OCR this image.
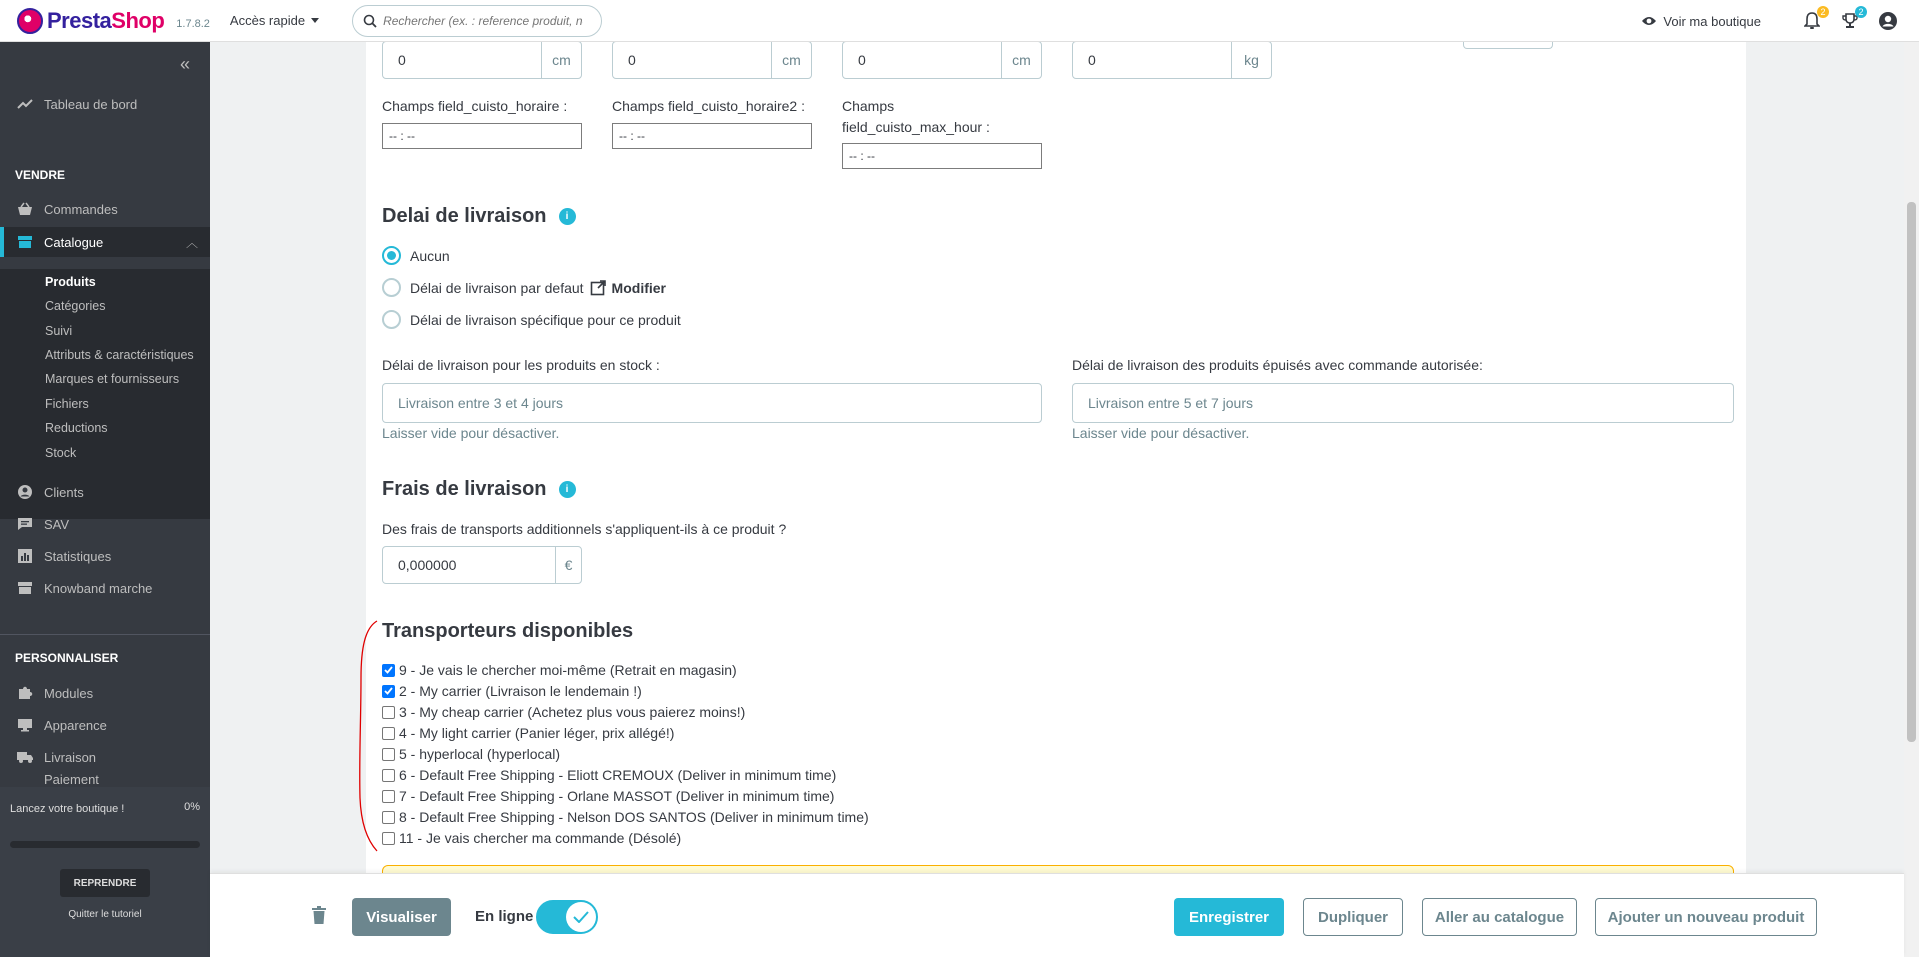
PrestaShop 1.7.8.2 Accès rapide
Rechercher (ex. : reference produit, no	Voir ma boutique
2	2
«
Tableau de bord
VENDRE
Commandes
Catalogue	︿
Produits
Catégories
Suivi
Attributs & caractéristiques
Marques et fournisseurs
Fichiers
Reductions
Stock
Clients
SAV
Statistiques
Knowband marche
PERSONNALISER
Modules
Apparence
Livraison
Paiement
Lancez votre boutique !	0%
REPRENDRE
Quitter le tutoriel
0	cm	0	cm	0	cm	0	kg
Champs field_cuisto_horaire :
-- : --
Champs field_cuisto_horaire2 :
-- : --
Champs
field_cuisto_max_hour :
-- : --
Delai de livraison	i
Aucun
Délai de livraison par defaut Modifier
Délai de livraison spécifique pour ce produit
Délai de livraison pour les produits en stock :
Livraison entre 3 et 4 jours
Laisser vide pour désactiver.
Délai de livraison des produits épuisés avec commande autorisée:
Livraison entre 5 et 7 jours
Laisser vide pour désactiver.
Frais de livraison	i
Des frais de transports additionnels s'appliquent-ils à ce produit ?
0,000000	€
Transporteurs disponibles
9 - Je vais le chercher moi-même (Retrait en magasin)
2 - My carrier (Livraison le lendemain !)
3 - My cheap carrier (Achetez plus vous paierez moins!)
4 - My light carrier (Panier léger, prix allégé!)
5 - hyperlocal (hyperlocal)
6 - Default Free Shipping - Eliott CREMOUX (Deliver in minimum time)
7 - Default Free Shipping - Orlane MASSOT (Deliver in minimum time)
8 - Default Free Shipping - Nelson DOS SANTOS (Deliver in minimum time)
11 - Je vais chercher ma commande (Désolé)
Visualiser	En ligne	Enregistrer	Dupliquer	Aller au catalogue	Ajouter un nouveau produit
